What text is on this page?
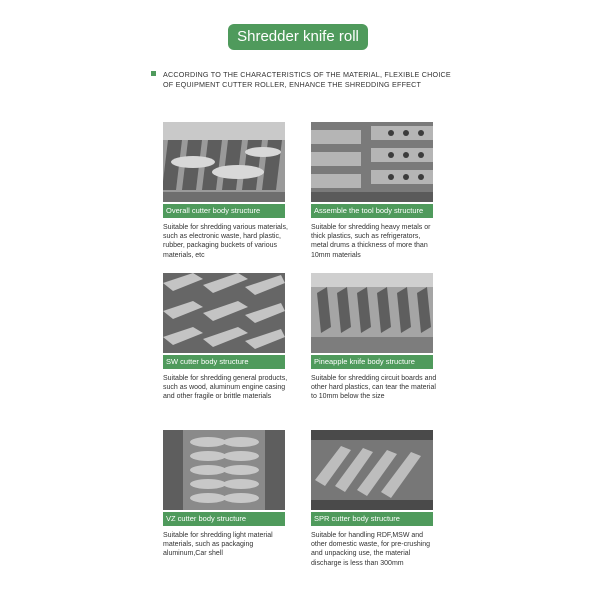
Shredder knife roll
ACCORDING TO THE CHARACTERISTICS OF THE MATERIAL, FLEXIBLE CHOICE OF EQUIPMENT CUTTER ROLLER, ENHANCE THE SHREDDING EFFECT
Overall cutter body structure
Suitable for shredding various materials, such as electronic waste, hard plastic, rubber, packaging buckets of various materials, etc
Assemble the tool body structure
Suitable for shredding heavy metals or thick plastics, such as refrigerators, metal drums a thickness of more than 10mm materials
SW cutter body structure
Suitable for shredding general products, such as wood, aluminum engine casing and other fragile or brittle materials
Pineapple knife body structure
Suitable for shredding circuit boards and other hard plastics, can tear the material to 10mm below the size
VZ cutter body structure
Suitable for shredding light material materials, such as packaging aluminum,Car shell
SPR cutter body structure
Suitable for handling RDF,MSW and other domestic waste, for pre-crushing and unpacking use, the material discharge is less than 300mm
